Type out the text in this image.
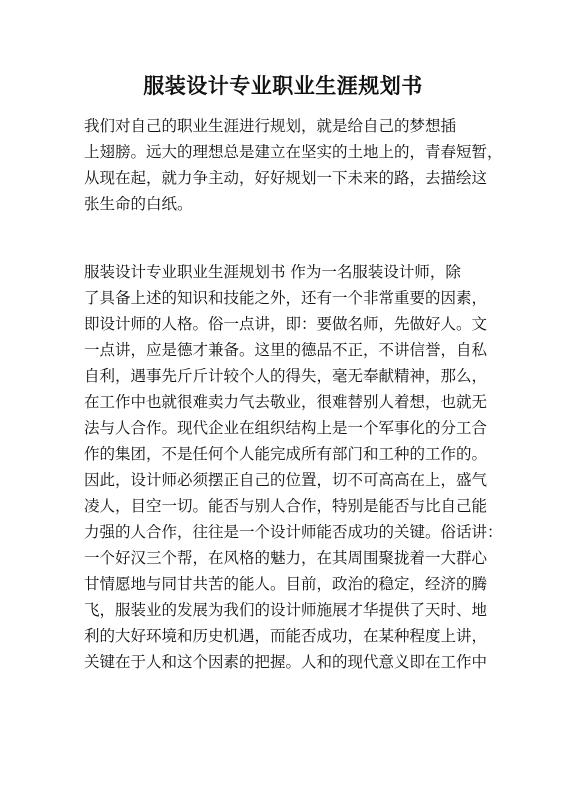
服装设计专业职业生涯规划书
我们对自己的职业生涯进行规划，就是给自己的梦想插
上翅膀。远大的理想总是建立在坚实的土地上的，青春短暂，
从现在起，就力争主动，好好规划一下未来的路，去描绘这
张生命的白纸。
服装设计专业职业生涯规划书 作为一名服装设计师，除
了具备上述的知识和技能之外，还有一个非常重要的因素，
即设计师的人格。俗一点讲，即：要做名师，先做好人。文
一点讲，应是德才兼备。这里的德品不正，不讲信誉，自私
自利，遇事先斤斤计较个人的得失，毫无奉献精神，那么，
在工作中也就很难卖力气去敬业，很难替别人着想，也就无
法与人合作。现代企业在组织结构上是一个军事化的分工合
作的集团，不是任何个人能完成所有部门和工种的工作的。
因此，设计师必须摆正自己的位置，切不可高高在上，盛气
凌人，目空一切。能否与别人合作，特别是能否与比自己能
力强的人合作，往往是一个设计师能否成功的关键。俗话讲：
一个好汉三个帮，在风格的魅力，在其周围聚拢着一大群心
甘情愿地与同甘共苦的能人。目前，政治的稳定，经济的腾
飞，服装业的发展为我们的设计师施展才华提供了天时、地
利的大好环境和历史机遇，而能否成功，在某种程度上讲，
关键在于人和这个因素的把握。人和的现代意义即在工作中
